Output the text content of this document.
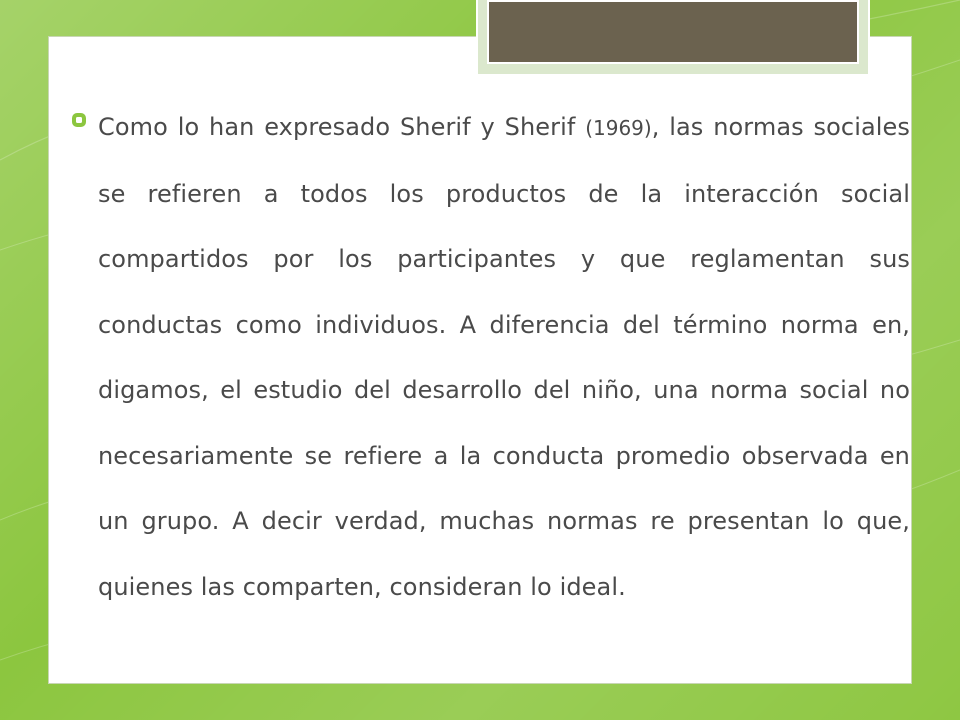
Como lo han expresado Sherif y Sherif (1969), las normas sociales se refieren a todos los productos de la interacción social compartidos por los participantes y que reglamentan sus conductas como individuos. A diferencia del término norma en, digamos, el estudio del desarrollo del niño, una norma social no necesariamente se refiere a la conducta promedio observada en un grupo. A decir verdad, muchas normas re presentan lo que, quienes las comparten, consideran lo ideal.
